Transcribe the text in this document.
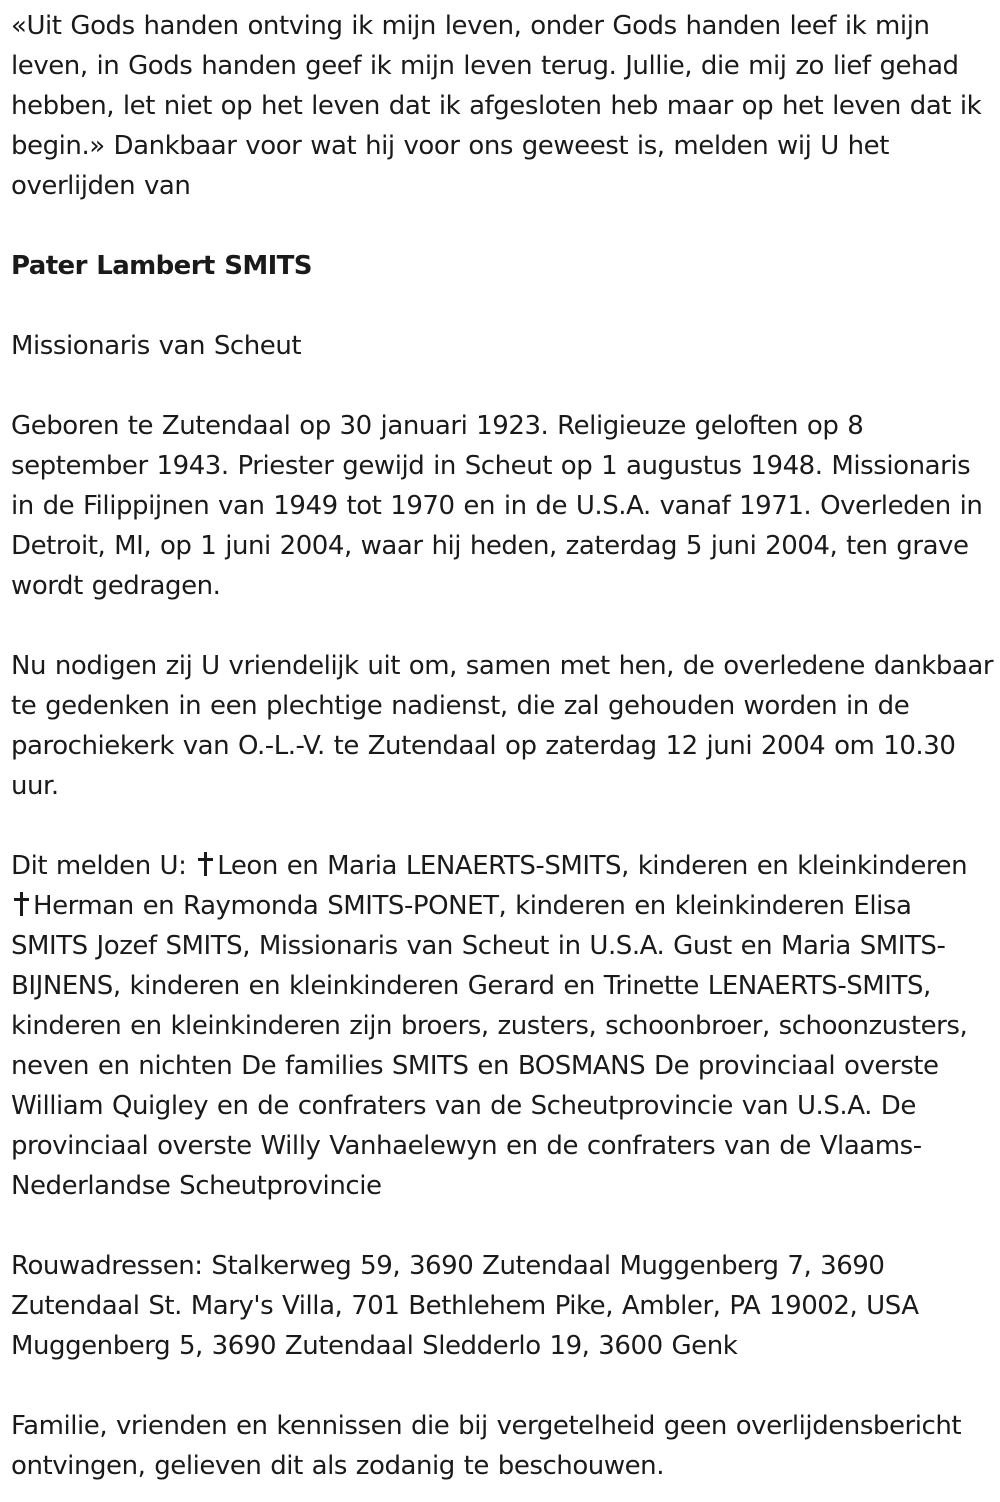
«Uit Gods handen ontving ik mijn leven, onder Gods handen leef ik mijn leven, in Gods handen geef ik mijn leven terug. Jullie, die mij zo lief gehad hebben, let niet op het leven dat ik afgesloten heb maar op het leven dat ik begin.» Dankbaar voor wat hij voor ons geweest is, melden wij U het overlijden van

Pater Lambert SMITS

Missionaris van Scheut

Geboren te Zutendaal op 30 januari 1923. Religieuze geloften op 8 september 1943. Priester gewijd in Scheut op 1 augustus 1948. Missionaris in de Filippijnen van 1949 tot 1970 en in de U.S.A. vanaf 1971. Overleden in Detroit, MI, op 1 juni 2004, waar hij heden, zaterdag 5 juni 2004, ten grave wordt gedragen.

Nu nodigen zij U vriendelijk uit om, samen met hen, de overledene dankbaar te gedenken in een plechtige nadienst, die zal gehouden worden in de parochiekerk van O.-L.-V. te Zutendaal op zaterdag 12 juni 2004 om 10.30 uur.

Dit melden U: Leon en Maria LENAERTS-SMITS, kinderen en kleinkinderen Herman en Raymonda SMITS-PONET, kinderen en kleinkinderen Elisa SMITS Jozef SMITS, Missionaris van Scheut in U.S.A. Gust en Maria SMITS-BIJNENS, kinderen en kleinkinderen Gerard en Trinette LENAERTS-SMITS, kinderen en kleinkinderen zijn broers, zusters, schoonbroer, schoonzusters, neven en nichten De families SMITS en BOSMANS De provinciaal overste William Quigley en de confraters van de Scheutprovincie van U.S.A. De provinciaal overste Willy Vanhaelewyn en de confraters van de Vlaams-Nederlandse Scheutprovincie

Rouwadressen: Stalkerweg 59, 3690 Zutendaal Muggenberg 7, 3690 Zutendaal St. Mary's Villa, 701 Bethlehem Pike, Ambler, PA 19002, USA Muggenberg 5, 3690 Zutendaal Sledderlo 19, 3600 Genk

Familie, vrienden en kennissen die bij vergetelheid geen overlijdensbericht ontvingen, gelieven dit als zodanig te beschouwen.
